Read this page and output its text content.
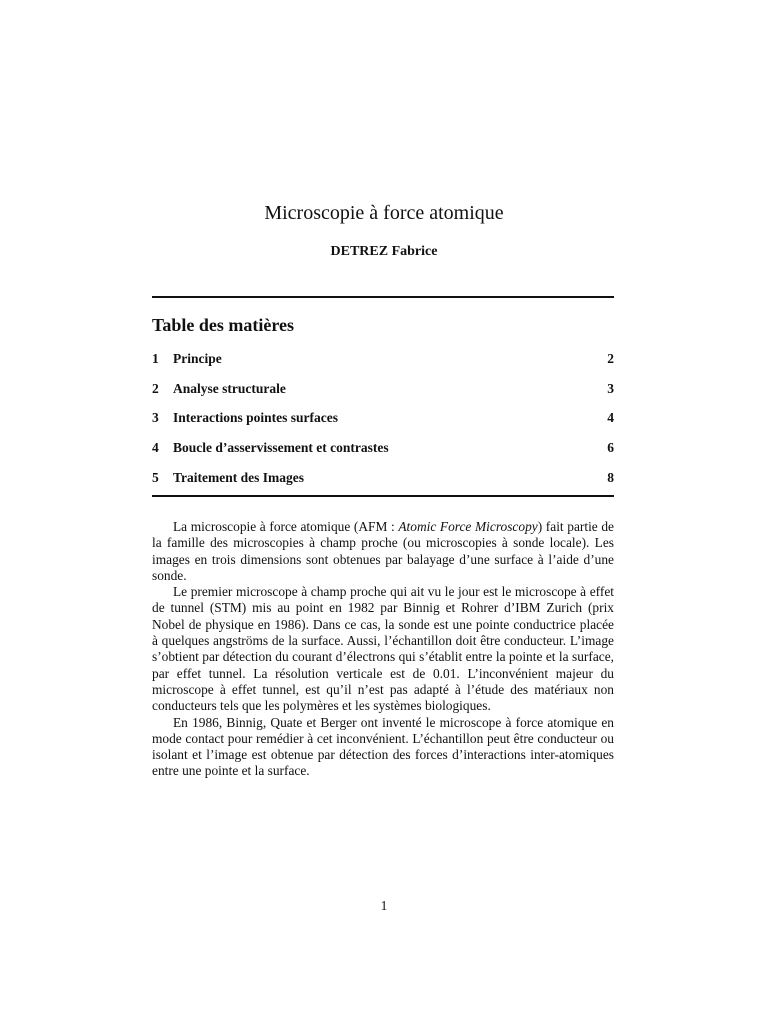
Microscopie à force atomique
DETREZ Fabrice
Table des matières
1	Principe	2
2	Analyse structurale	3
3	Interactions pointes surfaces	4
4	Boucle d’asservissement et contrastes	6
5	Traitement des Images	8

La microscopie à force atomique (AFM : Atomic Force Microscopy) fait partie de la famille des microscopies à champ proche (ou microscopies à sonde locale). Les images en trois dimensions sont obtenues par balayage d’une surface à l’aide d’une sonde.

Le premier microscope à champ proche qui ait vu le jour est le microscope à effet de tunnel (STM) mis au point en 1982 par Binnig et Rohrer d’IBM Zurich (prix Nobel de physique en 1986). Dans ce cas, la sonde est une pointe conductrice placée à quelques angströms de la surface. Aussi, l’échantillon doit être conducteur. L’image s’obtient par détection du courant d’électrons qui s’établit entre la pointe et la surface, par effet tunnel. La résolution verticale est de 0.01. L’inconvénient majeur du microscope à effet tunnel, est qu’il n’est pas adapté à l’étude des matériaux non conducteurs tels que les polymères et les systèmes biologiques.

En 1986, Binnig, Quate et Berger ont inventé le microscope à force atomique en mode contact pour remédier à cet inconvénient. L’échantillon peut être conducteur ou isolant et l’image est obtenue par détection des forces d’interactions inter-atomiques entre une pointe et la surface.

1
